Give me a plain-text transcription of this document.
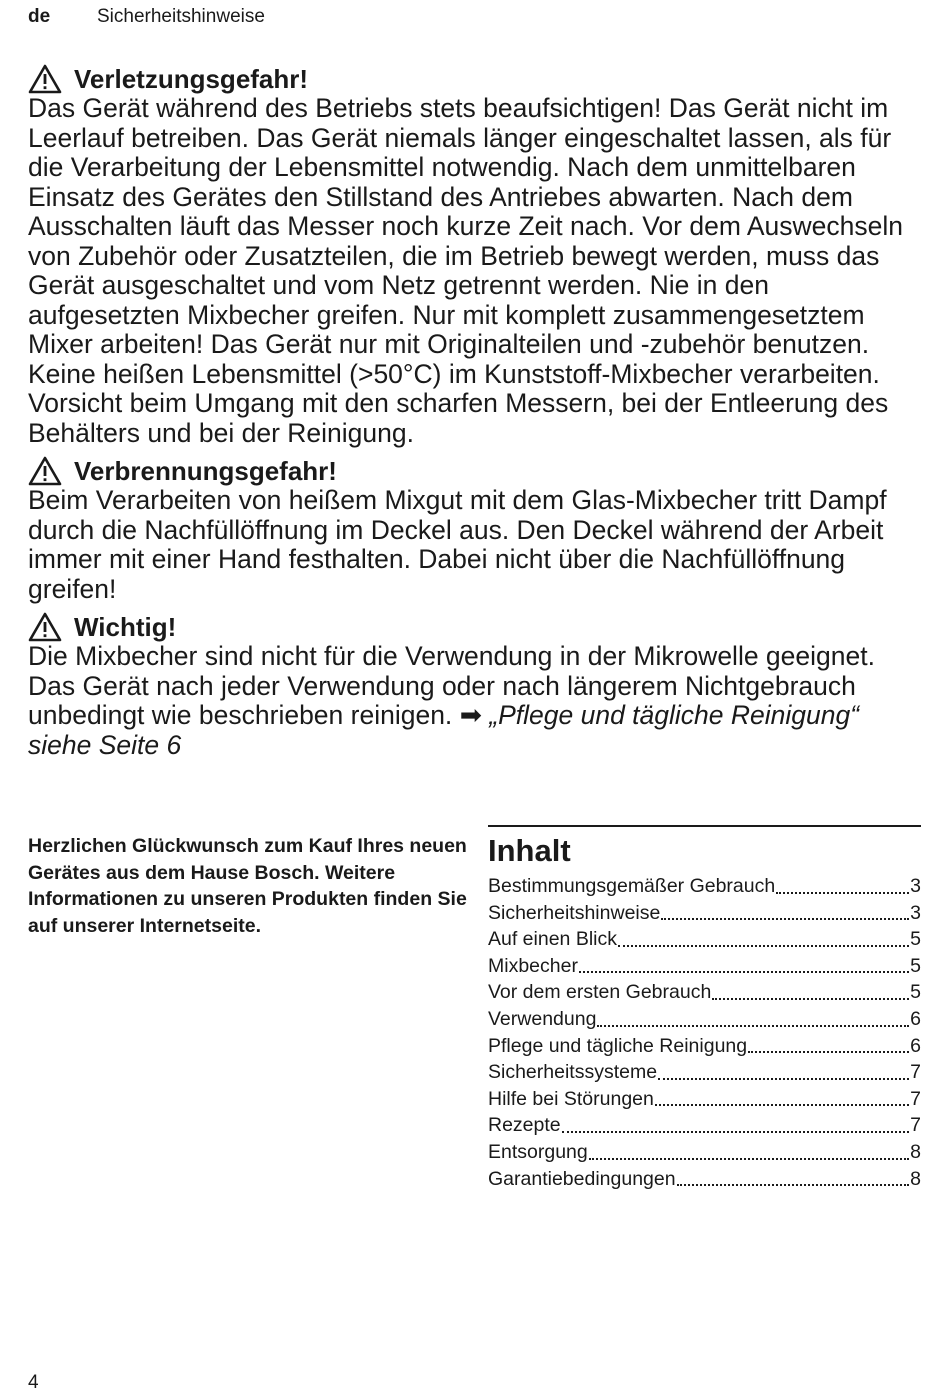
de Sicherheitshinweise
Verletzungsgefahr!

Das Gerät während des Betriebs stets beaufsichtigen! Das Gerät nicht im Leerlauf betreiben. Das Gerät niemals länger eingeschaltet lassen, als für die Verarbeitung der Lebensmittel notwendig. Nach dem unmittelbaren Einsatz des Gerätes den Stillstand des Antriebes abwarten. Nach dem Ausschalten läuft das Messer noch kurze Zeit nach. Vor dem Auswechseln von Zubehör oder Zusatzteilen, die im Betrieb bewegt werden, muss das Gerät ausgeschaltet und vom Netz getrennt werden. Nie in den aufgesetzten Mixbecher greifen. Nur mit komplett zusammengesetztem Mixer arbeiten! Das Gerät nur mit Originalteilen und -zubehör benutzen. Keine heißen Lebensmittel (>50°C) im Kunststoff-Mixbecher verarbeiten. Vorsicht beim Umgang mit den scharfen Messern, bei der Entleerung des Behälters und bei der Reinigung.

Verbrennungsgefahr!

Beim Verarbeiten von heißem Mixgut mit dem Glas-Mixbecher tritt Dampf durch die Nachfüllöffnung im Deckel aus. Den Deckel während der Arbeit immer mit einer Hand festhalten. Dabei nicht über die Nachfüllöffnung greifen!

Wichtig!

Die Mixbecher sind nicht für die Verwendung in der Mikrowelle geeignet. Das Gerät nach jeder Verwendung oder nach längerem Nichtgebrauch unbedingt wie beschrieben reinigen. ➡ „Pflege und tägliche Reinigung“ siehe Seite 6

Herzlichen Glückwunsch zum Kauf Ihres neuen Gerätes aus dem Hause Bosch. Weitere Informationen zu unseren Produkten finden Sie auf unserer Internetseite.
Inhalt
Bestimmungsgemäßer Gebrauch	3
Sicherheitshinweise	3
Auf einen Blick	5
Mixbecher	5
Vor dem ersten Gebrauch	5
Verwendung	6
Pflege und tägliche Reinigung	6
Sicherheitssysteme	7
Hilfe bei Störungen	7
Rezepte	7
Entsorgung	8
Garantiebedingungen	8
4
